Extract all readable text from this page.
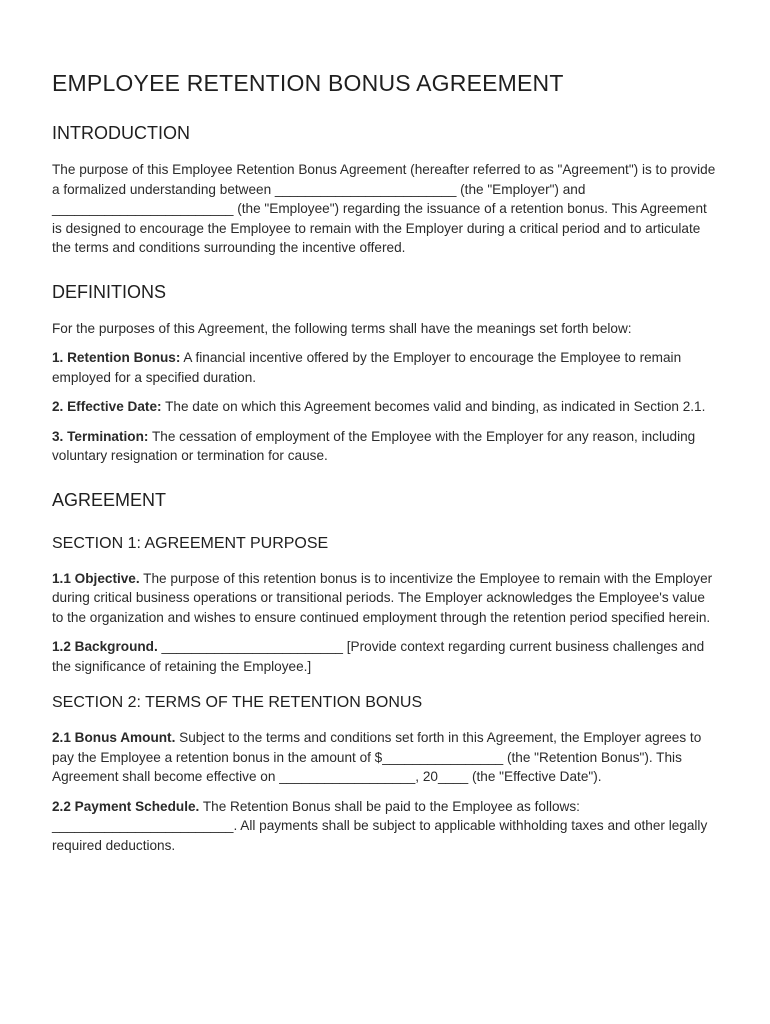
EMPLOYEE RETENTION BONUS AGREEMENT
INTRODUCTION

The purpose of this Employee Retention Bonus Agreement (hereafter referred to as "Agreement") is to provide a formalized understanding between ________________________ (the "Employer") and ________________________ (the "Employee") regarding the issuance of a retention bonus. This Agreement is designed to encourage the Employee to remain with the Employer during a critical period and to articulate the terms and conditions surrounding the incentive offered.

DEFINITIONS

For the purposes of this Agreement, the following terms shall have the meanings set forth below:

1. Retention Bonus: A financial incentive offered by the Employer to encourage the Employee to remain employed for a specified duration.

2. Effective Date: The date on which this Agreement becomes valid and binding, as indicated in Section 2.1.

3. Termination: The cessation of employment of the Employee with the Employer for any reason, including voluntary resignation or termination for cause.

AGREEMENT
SECTION 1: AGREEMENT PURPOSE

1.1 Objective. The purpose of this retention bonus is to incentivize the Employee to remain with the Employer during critical business operations or transitional periods. The Employer acknowledges the Employee's value to the organization and wishes to ensure continued employment through the retention period specified herein.

1.2 Background. ________________________ [Provide context regarding current business challenges and the significance of retaining the Employee.]

SECTION 2: TERMS OF THE RETENTION BONUS

2.1 Bonus Amount. Subject to the terms and conditions set forth in this Agreement, the Employer agrees to pay the Employee a retention bonus in the amount of $________________ (the "Retention Bonus"). This Agreement shall become effective on __________________, 20____ (the "Effective Date").

2.2 Payment Schedule. The Retention Bonus shall be paid to the Employee as follows: ________________________. All payments shall be subject to applicable withholding taxes and other legally required deductions.
